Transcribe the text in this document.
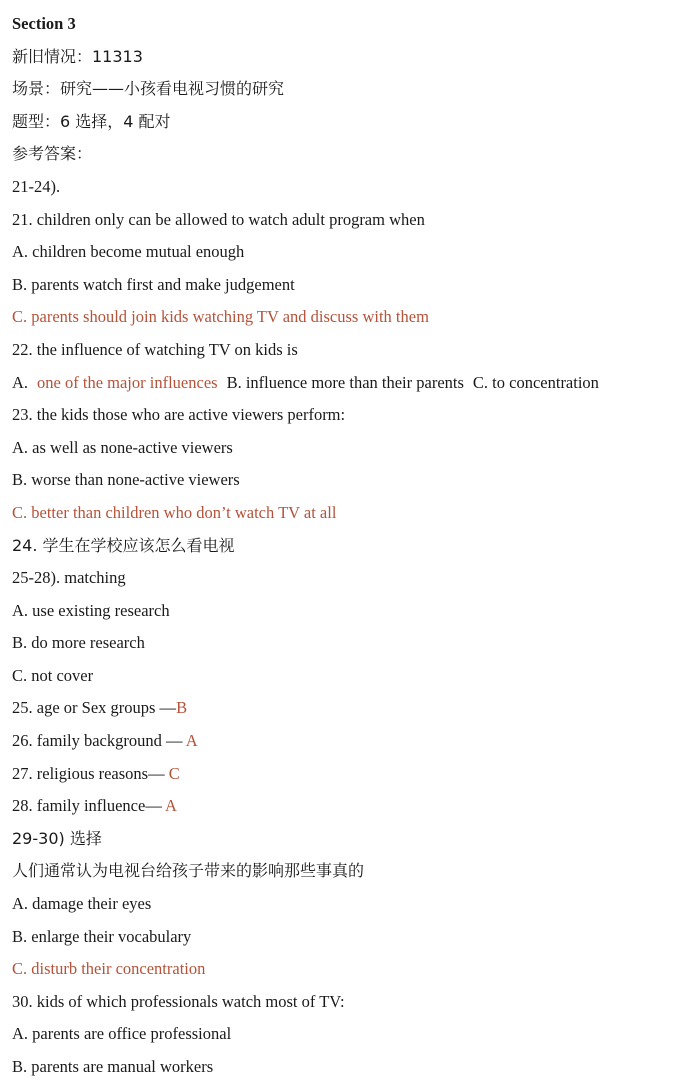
Section 3
新旧情况：11313
场景：研究——小孩看电视习惯的研究
题型：6 选择，4 配对
参考答案：
21-24).
21. children only can be allowed to watch adult program when
A. children become mutual enough
B. parents watch first and make judgement
C. parents should join kids watching TV and discuss with them
22. the influence of watching TV on kids is
A. one of the major influences B. influence more than their parents C. to concentration
23. the kids those who are active viewers perform:
A. as well as none-active viewers
B. worse than none-active viewers
C. better than children who don’t watch TV at all
24. 学生在学校应该怎么看电视
25-28). matching
A. use existing research
B. do more research
C. not cover
25. age or Sex groups —B
26. family background — A
27. religious reasons— C
28. family influence— A
29-30) 选择
人们通常认为电视台给孩子带来的影响那些事真的
A. damage their eyes
B. enlarge their vocabulary
C. disturb their concentration
30. kids of which professionals watch most of TV:
A. parents are office professional
B. parents are manual workers
